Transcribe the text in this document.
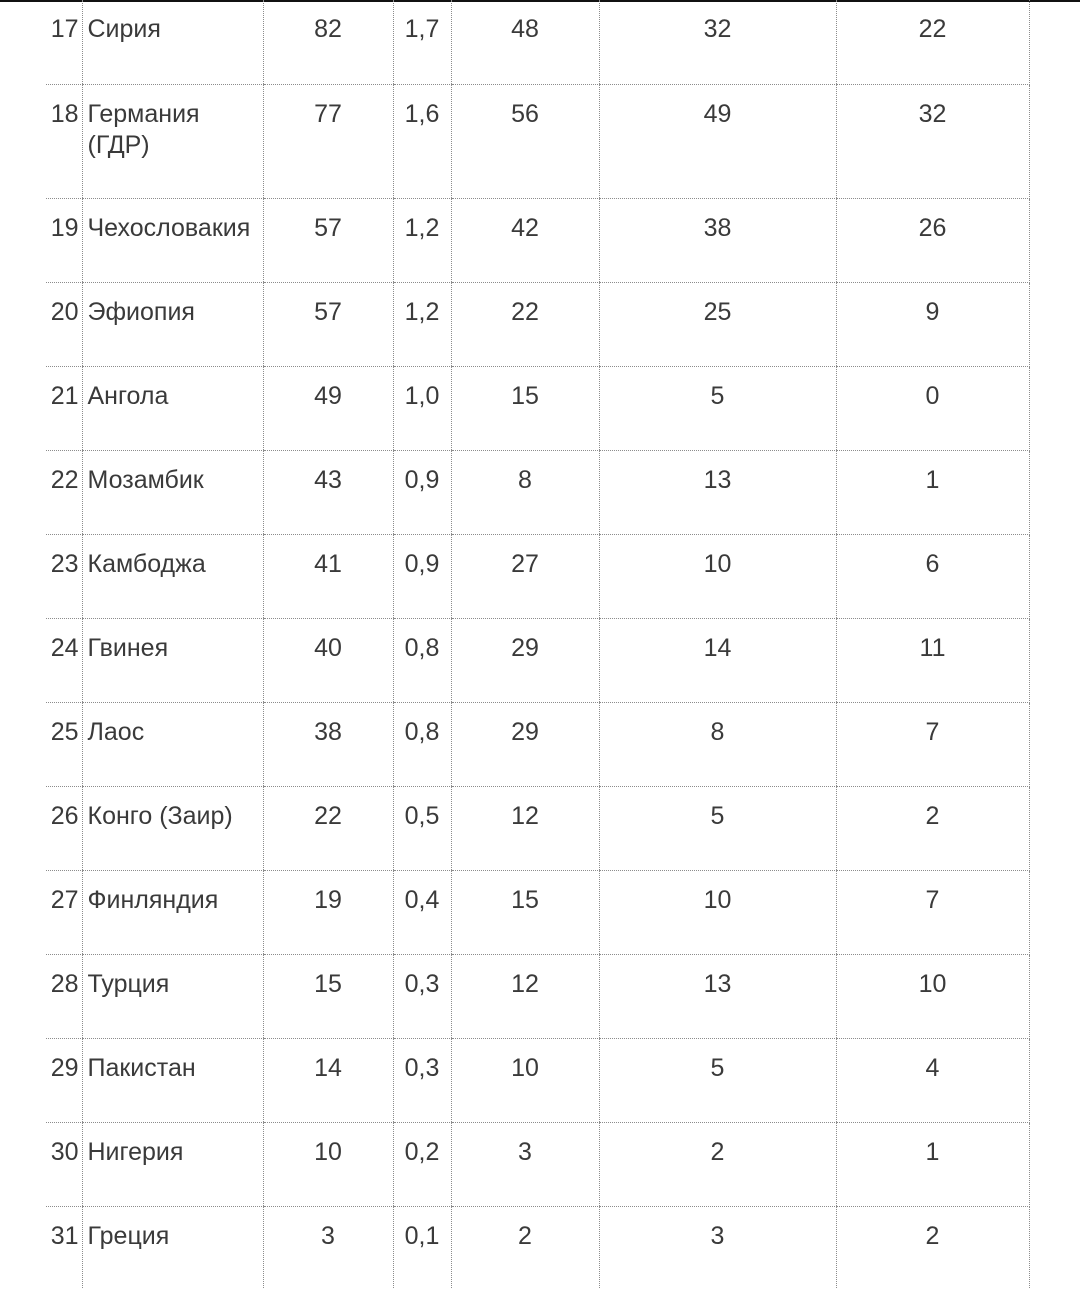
17	Сирия	82	1,7	48	32	22
18	Германия (ГДР)	77	1,6	56	49	32
19	Чехословакия	57	1,2	42	38	26
20	Эфиопия	57	1,2	22	25	9
21	Ангола	49	1,0	15	5	0
22	Мозамбик	43	0,9	8	13	1
23	Камбоджа	41	0,9	27	10	6
24	Гвинея	40	0,8	29	14	11
25	Лаос	38	0,8	29	8	7
26	Конго (Заир)	22	0,5	12	5	2
27	Финляндия	19	0,4	15	10	7
28	Турция	15	0,3	12	13	10
29	Пакистан	14	0,3	10	5	4
30	Нигерия	10	0,2	3	2	1
31	Греция	3	0,1	2	3	2
